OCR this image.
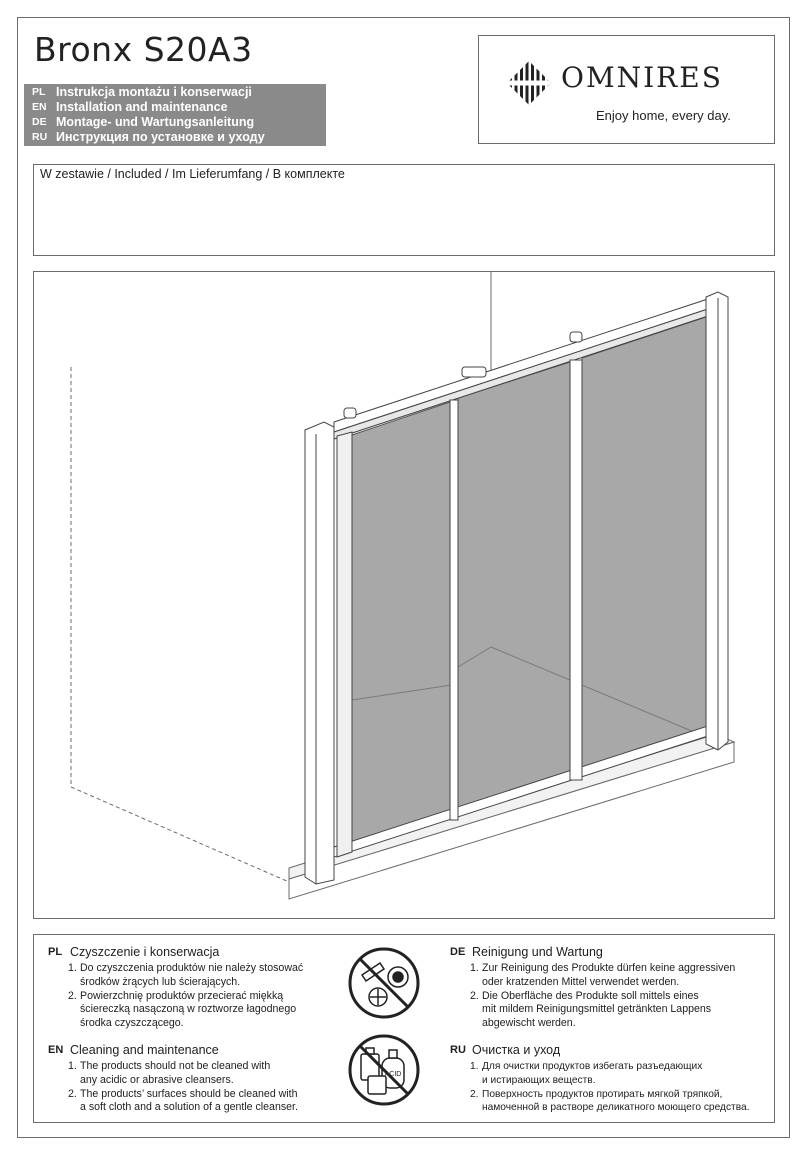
Bronx S20A3
PL Instrukcja montażu i konserwacji
EN Installation and maintenance
DE Montage- und Wartungsanleitung
RU Инструкция по установке и уходу
OMNIRES
Enjoy home, every day.
W zestawie / Included / Im Lieferumfang / В комплекте
PL Czyszczenie i konserwacja
1. Do czyszczenia produktów nie należy stosować
środków żrących lub ścierających.
2. Powierzchnię produktów przecierać miękką
ściereczką nasączoną w roztworze łagodnego
środka czyszczącego.
EN Cleaning and maintenance
1. The products should not be cleaned with
any acidic or abrasive cleansers.
2. The products’ surfaces should be cleaned with
a soft cloth and a solution of a gentle cleanser.
ACID
DE Reinigung und Wartung
1. Zur Reinigung des Produkte dürfen keine aggressiven
oder kratzenden Mittel verwendet werden.
2. Die Oberfläche des Produkte soll mittels eines
mit mildem Reinigungsmittel getränkten Lappens
abgewischt werden.
RU Очистка и уход
1. Для очистки продуктов избегать разъедающих
и истирающих веществ.
2. Поверхность продуктов протирать мягкой тряпкой,
намоченной в растворе деликатного моющего средства.
